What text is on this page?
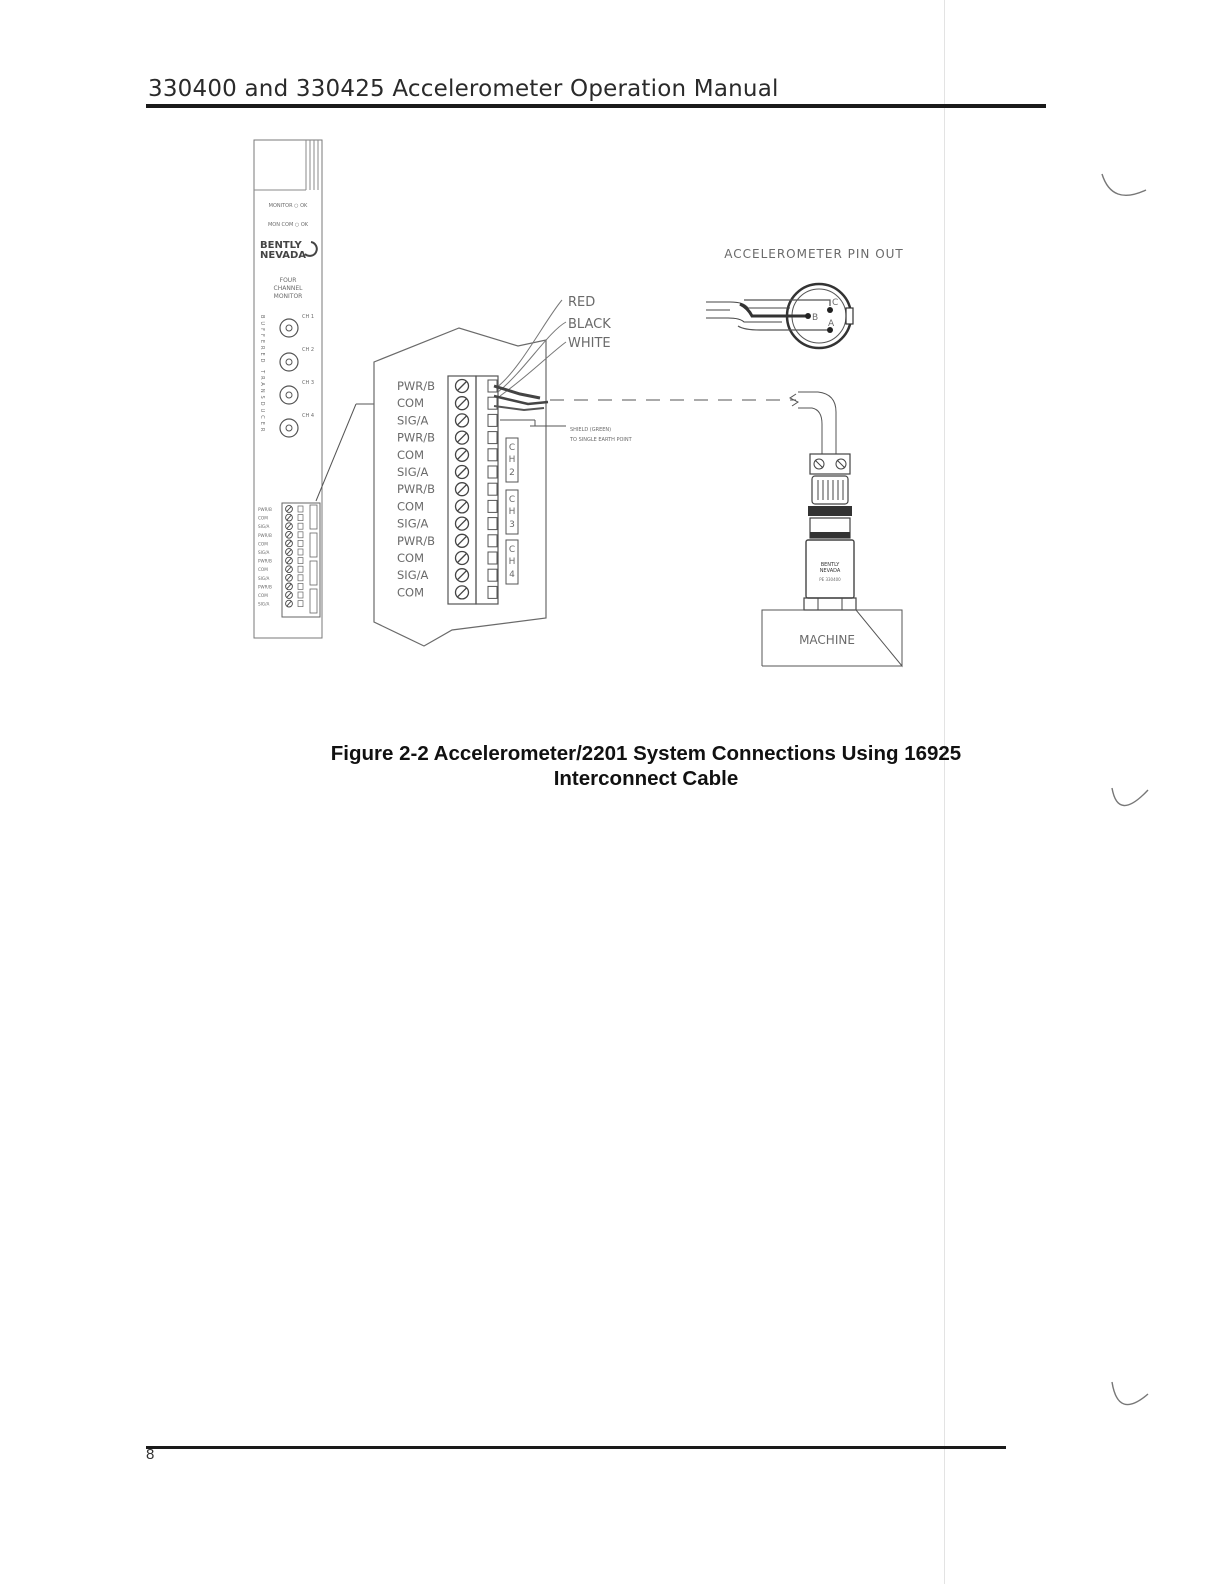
330400 and 330425 Accelerometer Operation Manual
MONITOR ○ OK
MON COM ○ OK
BENTLY
NEVADA
FOUR
CHANNEL
MONITOR
BUFFERED TRANSDUCER	CH 1
CH 2
CH 3
CH 4
PWR/B
COM
SIG/A
PWR/B
COM
SIG/A
PWR/B
COM
SIG/A
PWR/B
COM
SIG/A
PWR/B
COM
SIG/A
PWR/B
COM
SIG/A
PWR/B
COM
SIG/A
PWR/B
COM
SIG/A
COM
C
H
2
C
H
3
C
H
4
RED
BLACK
WHITE
SHIELD (GREEN)
TO SINGLE EARTH POINT
ACCELEROMETER PIN OUT
C
B
A
BENTLY
NEVADA
PE 330400
MACHINE
Figure 2-2 Accelerometer/2201 System Connections Using 16925
Interconnect Cable
8
